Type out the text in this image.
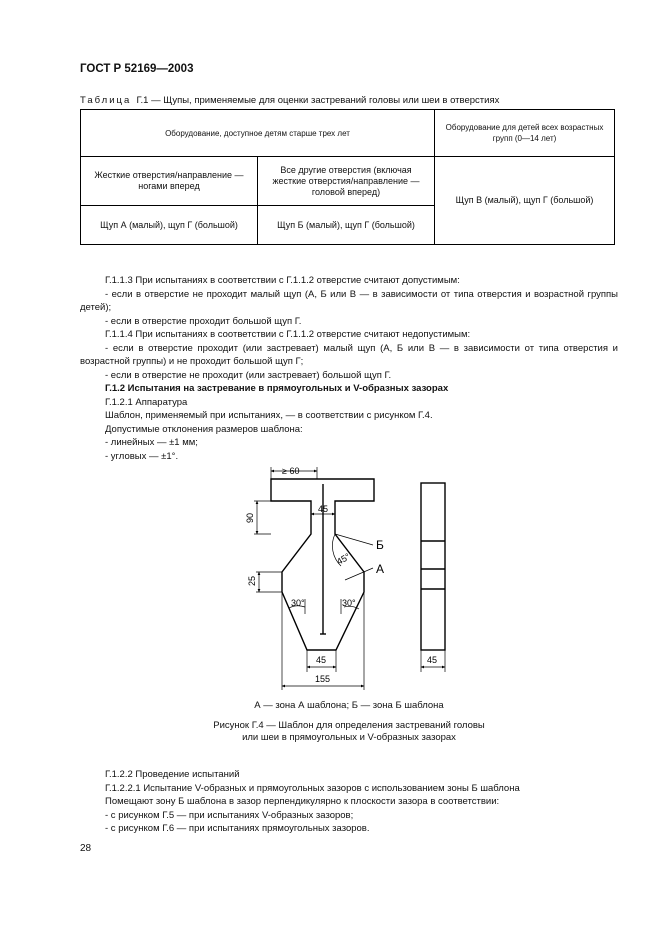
ГОСТ Р 52169—2003
Таблица Г.1 — Щупы, применяемые для оценки застреваний головы или шеи в отверстиях
Оборудование, доступное детям старше трех лет		Оборудование для детей всех возрастных групп (0—14 лет)
Жесткие отверстия/направление — ногами вперед	Все другие отверстия (включая жесткие отверстия/направление — головой вперед)	Щуп В (малый), щуп Г (большой)
Щуп А (малый), щуп Г (большой)	Щуп Б (малый), щуп Г (большой)	

Г.1.1.3 При испытаниях в соответствии с Г.1.1.2 отверстие считают допустимым:

- если в отверстие не проходит малый щуп (А, Б или В — в зависимости от типа отверстия и возрастной группы детей);

- если в отверстие проходит большой щуп Г.

Г.1.1.4 При испытаниях в соответствии с Г.1.1.2 отверстие считают недопустимым:

- если в отверстие проходит (или застревает) малый щуп (А, Б или В — в зависимости от типа отверстия и возрастной группы) и не проходит большой щуп Г;

- если в отверстие не проходит (или застревает) большой щуп Г.

Г.1.2 Испытания на застревание в прямоугольных и V-образных зазорах

Г.1.2.1 Аппаратура

Шаблон, применяемый при испытаниях, — в соответствии с рисунком Г.4.

Допустимые отклонения размеров шаблона:

- линейных — ±1 мм;

- угловых — ±1°.

≥ 60
90
45
25
45°
30°	30°
45
155
45
Б
А
А — зона А шаблона; Б — зона Б шаблона
Рисунок Г.4 — Шаблон для определения застреваний головы
или шеи в прямоугольных и V-образных зазорах

Г.1.2.2 Проведение испытаний

Г.1.2.2.1 Испытание V-образных и прямоугольных зазоров с использованием зоны Б шаблона

Помещают зону Б шаблона в зазор перпендикулярно к плоскости зазора в соответствии:

- с рисунком Г.5 — при испытаниях V-образных зазоров;

- с рисунком Г.6 — при испытаниях прямоугольных зазоров.

28
